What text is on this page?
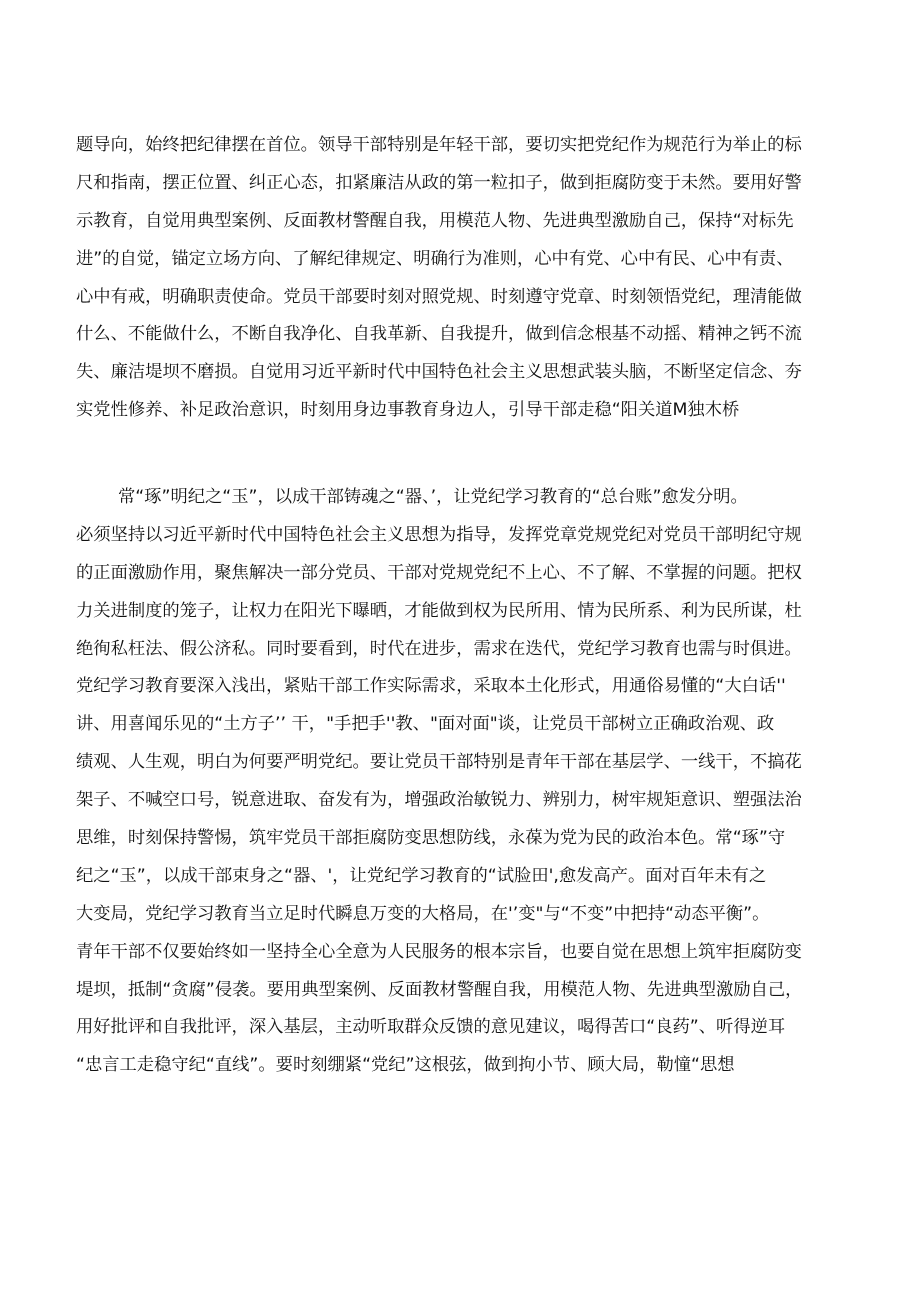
题导向，始终把纪律摆在首位。领导干部特别是年轻干部，要切实把党纪作为规范行为举止的标
尺和指南，摆正位置、纠正心态，扣紧廉洁从政的第一粒扣子，做到拒腐防变于未然。要用好警
示教育，自觉用典型案例、反面教材警醒自我，用模范人物、先进典型激励自己，保持“对标先
进”的自觉，锚定立场方向、了解纪律规定、明确行为准则，心中有党、心中有民、心中有责、
心中有戒，明确职责使命。党员干部要时刻对照党规、时刻遵守党章、时刻领悟党纪，理清能做
什么、不能做什么，不断自我净化、自我革新、自我提升，做到信念根基不动摇、精神之钙不流
失、廉洁堤坝不磨损。自觉用习近平新时代中国特色社会主义思想武装头脑，不断坚定信念、夯
实党性修养、补足政治意识，时刻用身边事教育身边人，引导干部走稳“阳关道M独木桥
常“琢”明纪之“玉”，以成干部铸魂之“器、’，让党纪学习教育的“总台账”愈发分明。
必须坚持以习近平新时代中国特色社会主义思想为指导，发挥党章党规党纪对党员干部明纪守规
的正面激励作用，聚焦解决一部分党员、干部对党规党纪不上心、不了解、不掌握的问题。把权
力关进制度的笼子，让权力在阳光下曝晒，才能做到权为民所用、情为民所系、利为民所谋，杜
绝徇私枉法、假公济私。同时要看到，时代在进步，需求在迭代，党纪学习教育也需与时俱进。
党纪学习教育要深入浅出，紧贴干部工作实际需求，采取本土化形式，用通俗易懂的“大白话''
讲、用喜闻乐见的“土方子’’ 干，"手把手''教、"面对面"谈，让党员干部树立正确政治观、政
绩观、人生观，明白为何要严明党纪。要让党员干部特别是青年干部在基层学、一线干，不搞花
架子、不喊空口号，锐意进取、奋发有为，增强政治敏锐力、辨别力，树牢规矩意识、塑强法治
思维，时刻保持警惕，筑牢党员干部拒腐防变思想防线，永葆为党为民的政治本色。常“琢”守
纪之“玉”，以成干部束身之“器、'，让党纪学习教育的“试脸田',愈发高产。面对百年未有之
大变局，党纪学习教育当立足时代瞬息万变的大格局，在'’变"与“不变”中把持“动态平衡”。
青年干部不仅要始终如一坚持全心全意为人民服务的根本宗旨，也要自觉在思想上筑牢拒腐防变
堤坝，抵制“贪腐”侵袭。要用典型案例、反面教材警醒自我，用模范人物、先进典型激励自己，
用好批评和自我批评，深入基层，主动听取群众反馈的意见建议，喝得苦口“良药”、听得逆耳
“忠言工走稳守纪“直线”。要时刻绷紧“党纪”这根弦，做到拘小节、顾大局，勒憧“思想
